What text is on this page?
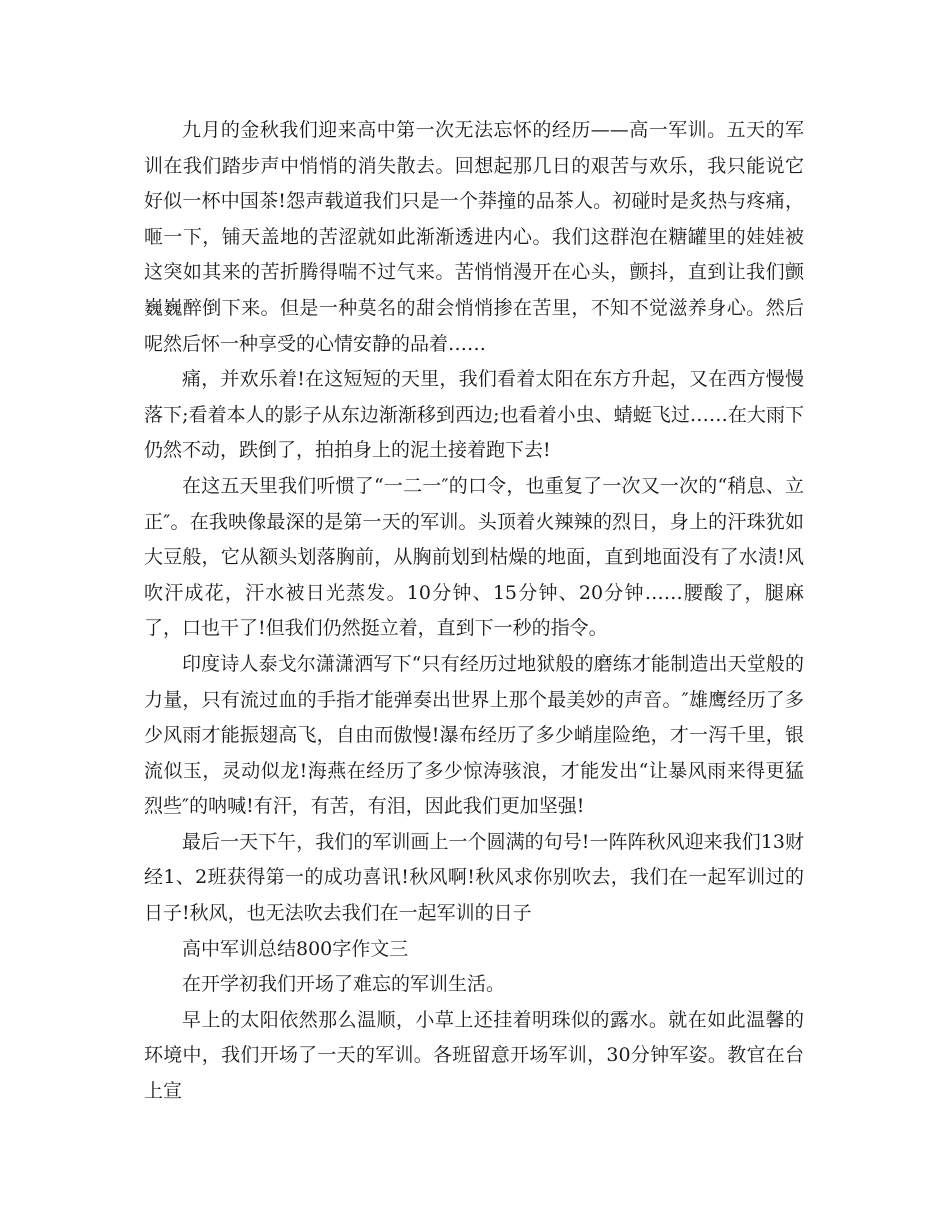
九月的金秋我们迎来高中第一次无法忘怀的经历——高一军训。五天的军训在我们踏步声中悄悄的消失散去。回想起那几日的艰苦与欢乐，我只能说它好似一杯中国茶!怨声载道我们只是一个莽撞的品茶人。初碰时是炙热与疼痛，咂一下，铺天盖地的苦涩就如此渐渐透进内心。我们这群泡在糖罐里的娃娃被这突如其来的苦折腾得喘不过气来。苦悄悄漫开在心头，颤抖，直到让我们颤巍巍醉倒下来。但是一种莫名的甜会悄悄掺在苦里，不知不觉滋养身心。然后呢然后怀一种享受的心情安静的品着……

痛，并欢乐着!在这短短的天里，我们看着太阳在东方升起，又在西方慢慢落下;看着本人的影子从东边渐渐移到西边;也看着小虫、蜻蜓飞过……在大雨下仍然不动，跌倒了，拍拍身上的泥土接着跑下去!

在这五天里我们听惯了“一二一″的口令，也重复了一次又一次的“稍息、立正″。在我映像最深的是第一天的军训。头顶着火辣辣的烈日，身上的汗珠犹如大豆般，它从额头划落胸前，从胸前划到枯燥的地面，直到地面没有了水渍!风吹汗成花，汗水被日光蒸发。10分钟、15分钟、20分钟……腰酸了，腿麻了，口也干了!但我们仍然挺立着，直到下一秒的指令。

印度诗人泰戈尔潇潇洒写下“只有经历过地狱般的磨练才能制造出天堂般的力量，只有流过血的手指才能弹奏出世界上那个最美妙的声音。″雄鹰经历了多少风雨才能振翅高飞，自由而傲慢!瀑布经历了多少峭崖险绝，才一泻千里，银流似玉，灵动似龙!海燕在经历了多少惊涛骇浪，才能发出“让暴风雨来得更猛烈些″的呐喊!有汗，有苦，有泪，因此我们更加坚强!

最后一天下午，我们的军训画上一个圆满的句号!一阵阵秋风迎来我们13财经1、2班获得第一的成功喜讯!秋风啊!秋风求你别吹去，我们在一起军训过的日子!秋风，也无法吹去我们在一起军训的日子

高中军训总结800字作文三

在开学初我们开场了难忘的军训生活。

早上的太阳依然那么温顺，小草上还挂着明珠似的露水。就在如此温馨的环境中，我们开场了一天的军训。各班留意开场军训，30分钟军姿。教官在台上宣
